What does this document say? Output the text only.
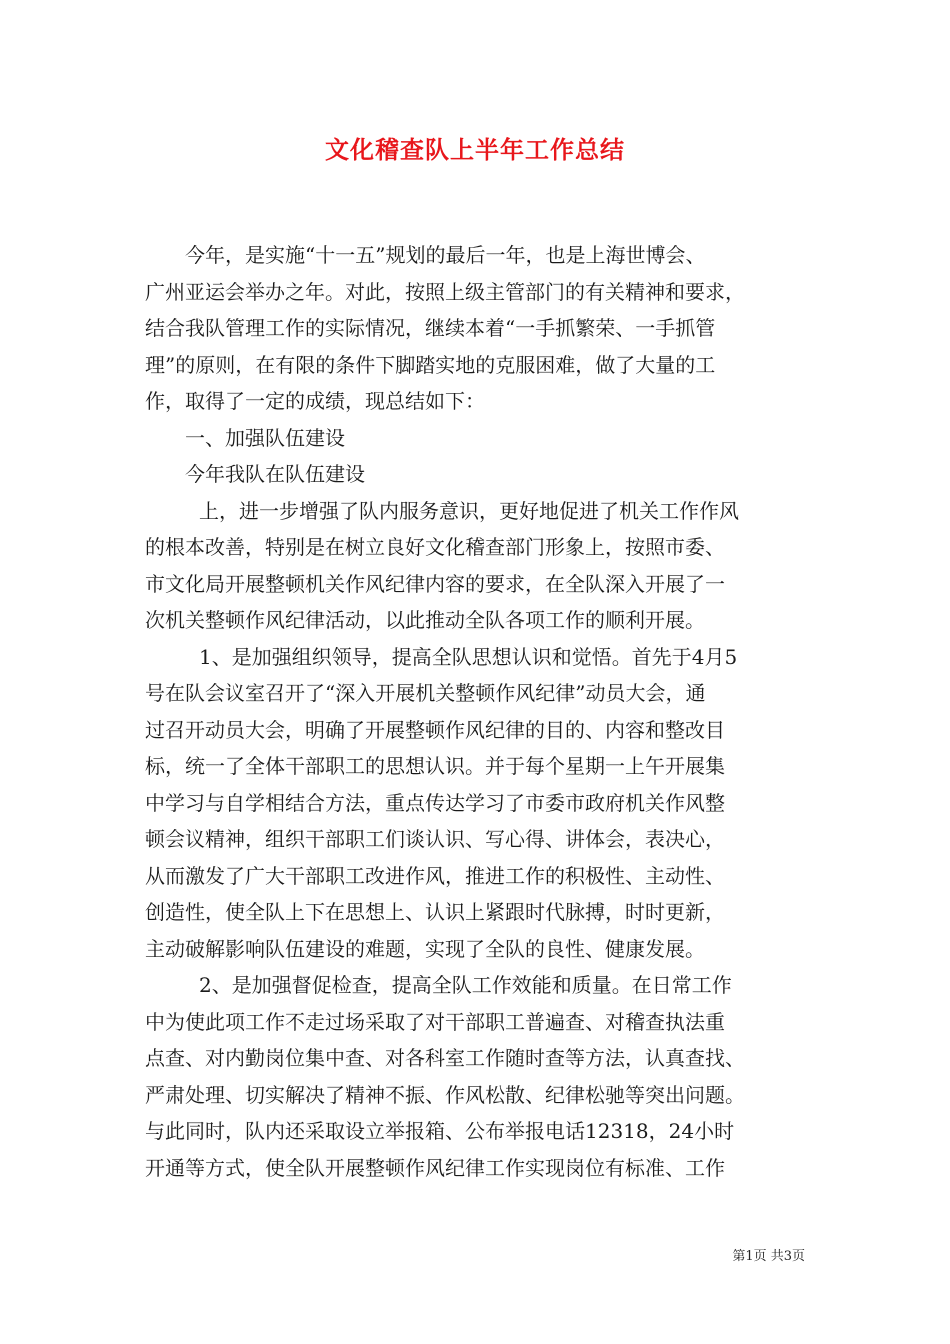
文化稽查队上半年工作总结
今年，是实施“十一五”规划的最后一年，也是上海世博会、
广州亚运会举办之年。对此，按照上级主管部门的有关精神和要求，
结合我队管理工作的实际情况，继续本着“一手抓繁荣、一手抓管
理”的原则，在有限的条件下脚踏实地的克服困难，做了大量的工
作，取得了一定的成绩，现总结如下：
一、加强队伍建设
今年我队在队伍建设
上，进一步增强了队内服务意识，更好地促进了机关工作作风
的根本改善，特别是在树立良好文化稽查部门形象上，按照市委、
市文化局开展整顿机关作风纪律内容的要求，在全队深入开展了一
次机关整顿作风纪律活动，以此推动全队各项工作的顺利开展。
1、是加强组织领导，提高全队思想认识和觉悟。首先于4月5
号在队会议室召开了“深入开展机关整顿作风纪律”动员大会，通
过召开动员大会，明确了开展整顿作风纪律的目的、内容和整改目
标，统一了全体干部职工的思想认识。并于每个星期一上午开展集
中学习与自学相结合方法，重点传达学习了市委市政府机关作风整
顿会议精神，组织干部职工们谈认识、写心得、讲体会，表决心，
从而激发了广大干部职工改进作风，推进工作的积极性、主动性、
创造性，使全队上下在思想上、认识上紧跟时代脉搏，时时更新，
主动破解影响队伍建设的难题，实现了全队的良性、健康发展。
2、是加强督促检查，提高全队工作效能和质量。在日常工作
中为使此项工作不走过场采取了对干部职工普遍查、对稽查执法重
点查、对内勤岗位集中查、对各科室工作随时查等方法，认真查找、
严肃处理、切实解决了精神不振、作风松散、纪律松驰等突出问题。
与此同时，队内还采取设立举报箱、公布举报电话12318，24小时
开通等方式，使全队开展整顿作风纪律工作实现岗位有标准、工作
第1页 共3页
